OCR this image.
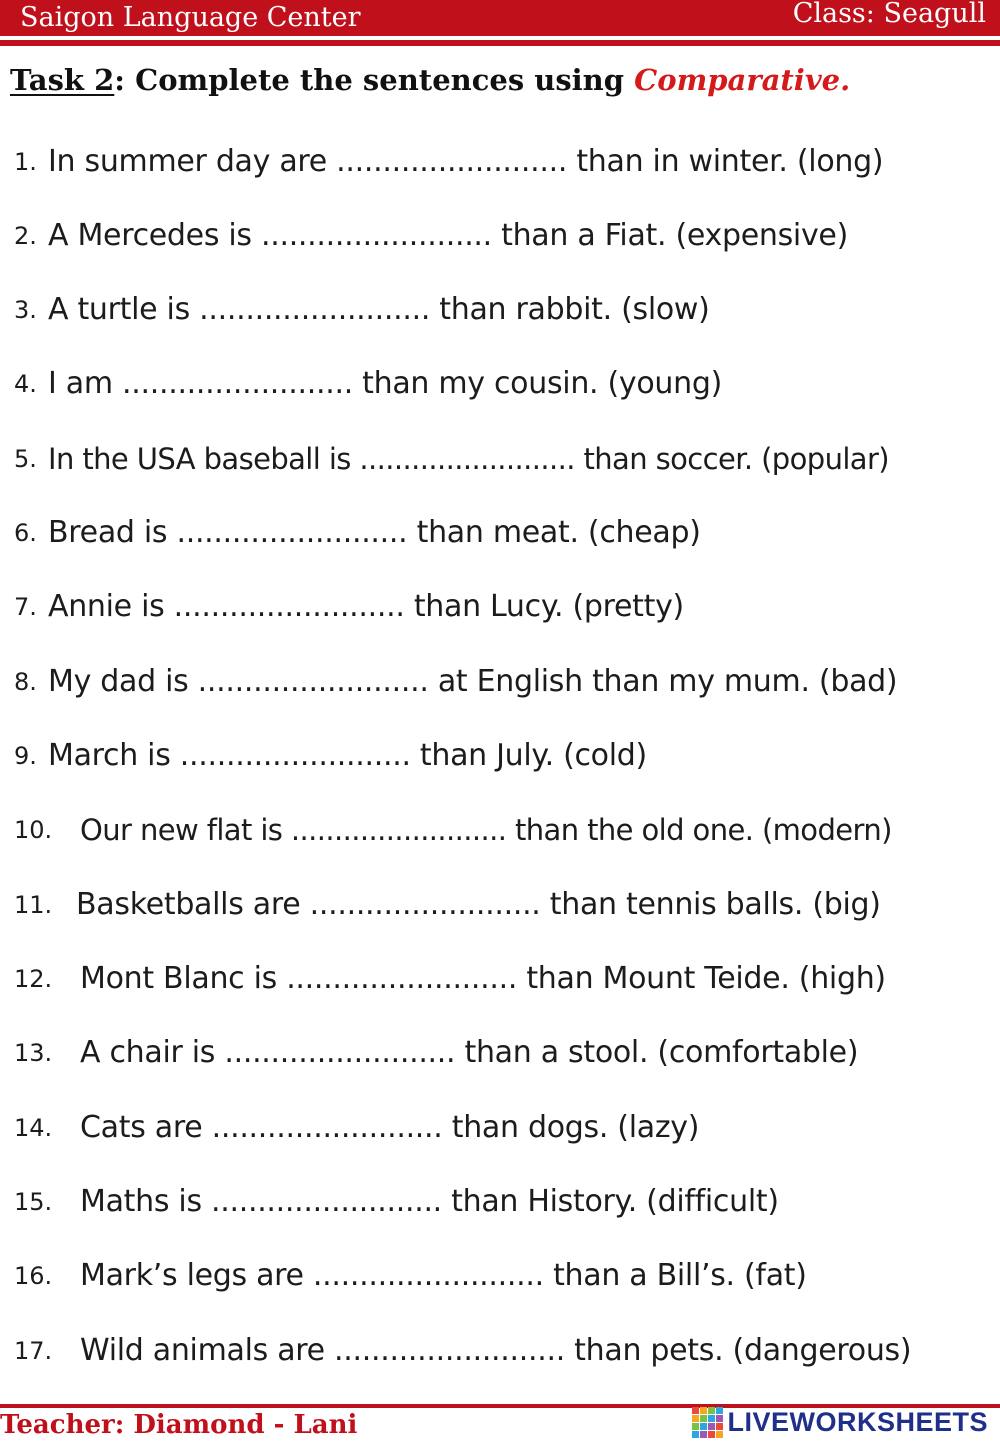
Saigon Language Center	Class: Seagull
Task 2: Complete the sentences using Comparative.
1. In summer day are ......................... than in winter. (long)
2. A Mercedes is ......................... than a Fiat. (expensive)
3. A turtle is ......................... than rabbit. (slow)
4. I am ......................... than my cousin. (young)
5. In the USA baseball is ......................... than soccer. (popular)
6. Bread is ......................... than meat. (cheap)
7. Annie is ......................... than Lucy. (pretty)
8. My dad is ......................... at English than my mum. (bad)
9. March is ......................... than July. (cold)
10. Our new flat is ......................... than the old one. (modern)
11. Basketballs are ......................... than tennis balls. (big)
12. Mont Blanc is ......................... than Mount Teide. (high)
13. A chair is ......................... than a stool. (comfortable)
14. Cats are ......................... than dogs. (lazy)
15. Maths is ......................... than History. (difficult)
16. Mark’s legs are ......................... than a Bill’s. (fat)
17. Wild animals are ......................... than pets. (dangerous)
Teacher: Diamond - Lani	LIVEWORKSHEETS
